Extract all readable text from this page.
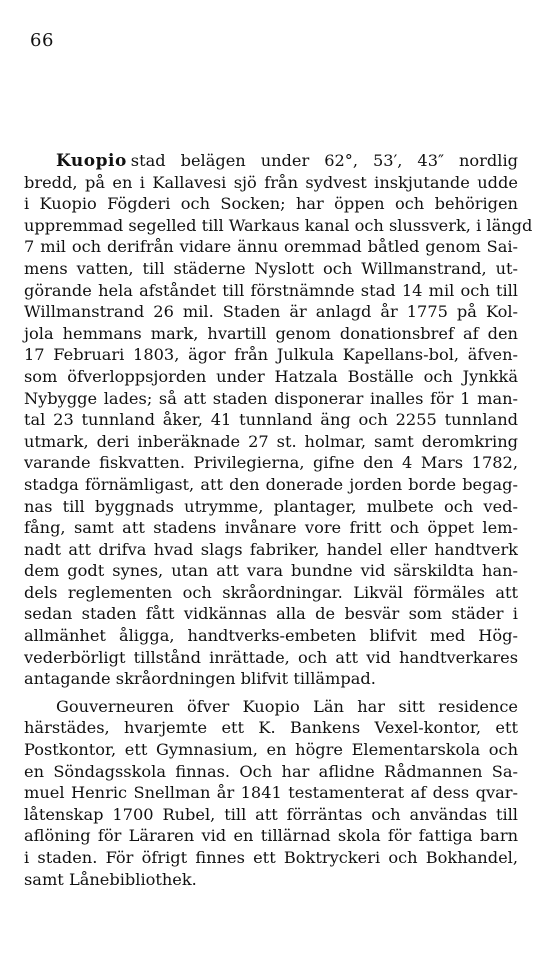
66
Kuopio stad belägen under 62°, 53′, 43″ nordlig
bredd, på en i Kallavesi sjö från sydvest inskjutande udde
i Kuopio Fögderi och Socken; har öppen och behörigen
uppremmad segelled till Warkaus kanal och slussverk, i längd
7 mil och derifrån vidare ännu oremmad båtled genom Sai-
mens vatten, till städerne Nyslott och Willmanstrand, ut-
görande hela afståndet till förstnämnde stad 14 mil och till
Willmanstrand 26 mil. Staden är anlagd år 1775 på Kol-
jola hemmans mark, hvartill genom donationsbref af den
17 Februari 1803, ägor från Julkula Kapellans-bol, äfven-
som öfverloppsjorden under Hatzala Boställe och Jynkkä
Nybygge lades; så att staden disponerar inalles för 1 man-
tal 23 tunnland åker, 41 tunnland äng och 2255 tunnland
utmark, deri inberäknade 27 st. holmar, samt deromkring
varande fiskvatten. Privilegierna, gifne den 4 Mars 1782,
stadga förnämligast, att den donerade jorden borde begag-
nas till byggnads utrymme, plantager, mulbete och ved-
fång, samt att stadens invånare vore fritt och öppet lem-
nadt att drifva hvad slags fabriker, handel eller handtverk
dem godt synes, utan att vara bundne vid särskildta han-
dels reglementen och skråordningar. Likväl förmäles att
sedan staden fått vidkännas alla de besvär som städer i
allmänhet åligga, handtverks-embeten blifvit med Hög-
vederbörligt tillstånd inrättade, och att vid handtverkares
antagande skråordningen blifvit tillämpad.
Gouverneuren öfver Kuopio Län har sitt residence
härstädes, hvarjemte ett K. Bankens Vexel-kontor, ett
Postkontor, ett Gymnasium, en högre Elementarskola och
en Söndagsskola finnas. Och har aflidne Rådmannen Sa-
muel Henric Snellman år 1841 testamenterat af dess qvar-
låtenskap 1700 Rubel, till att förräntas och användas till
aflöning för Läraren vid en tillärnad skola för fattiga barn
i staden. För öfrigt finnes ett Boktryckeri och Bokhandel,
samt Lånebibliothek.
